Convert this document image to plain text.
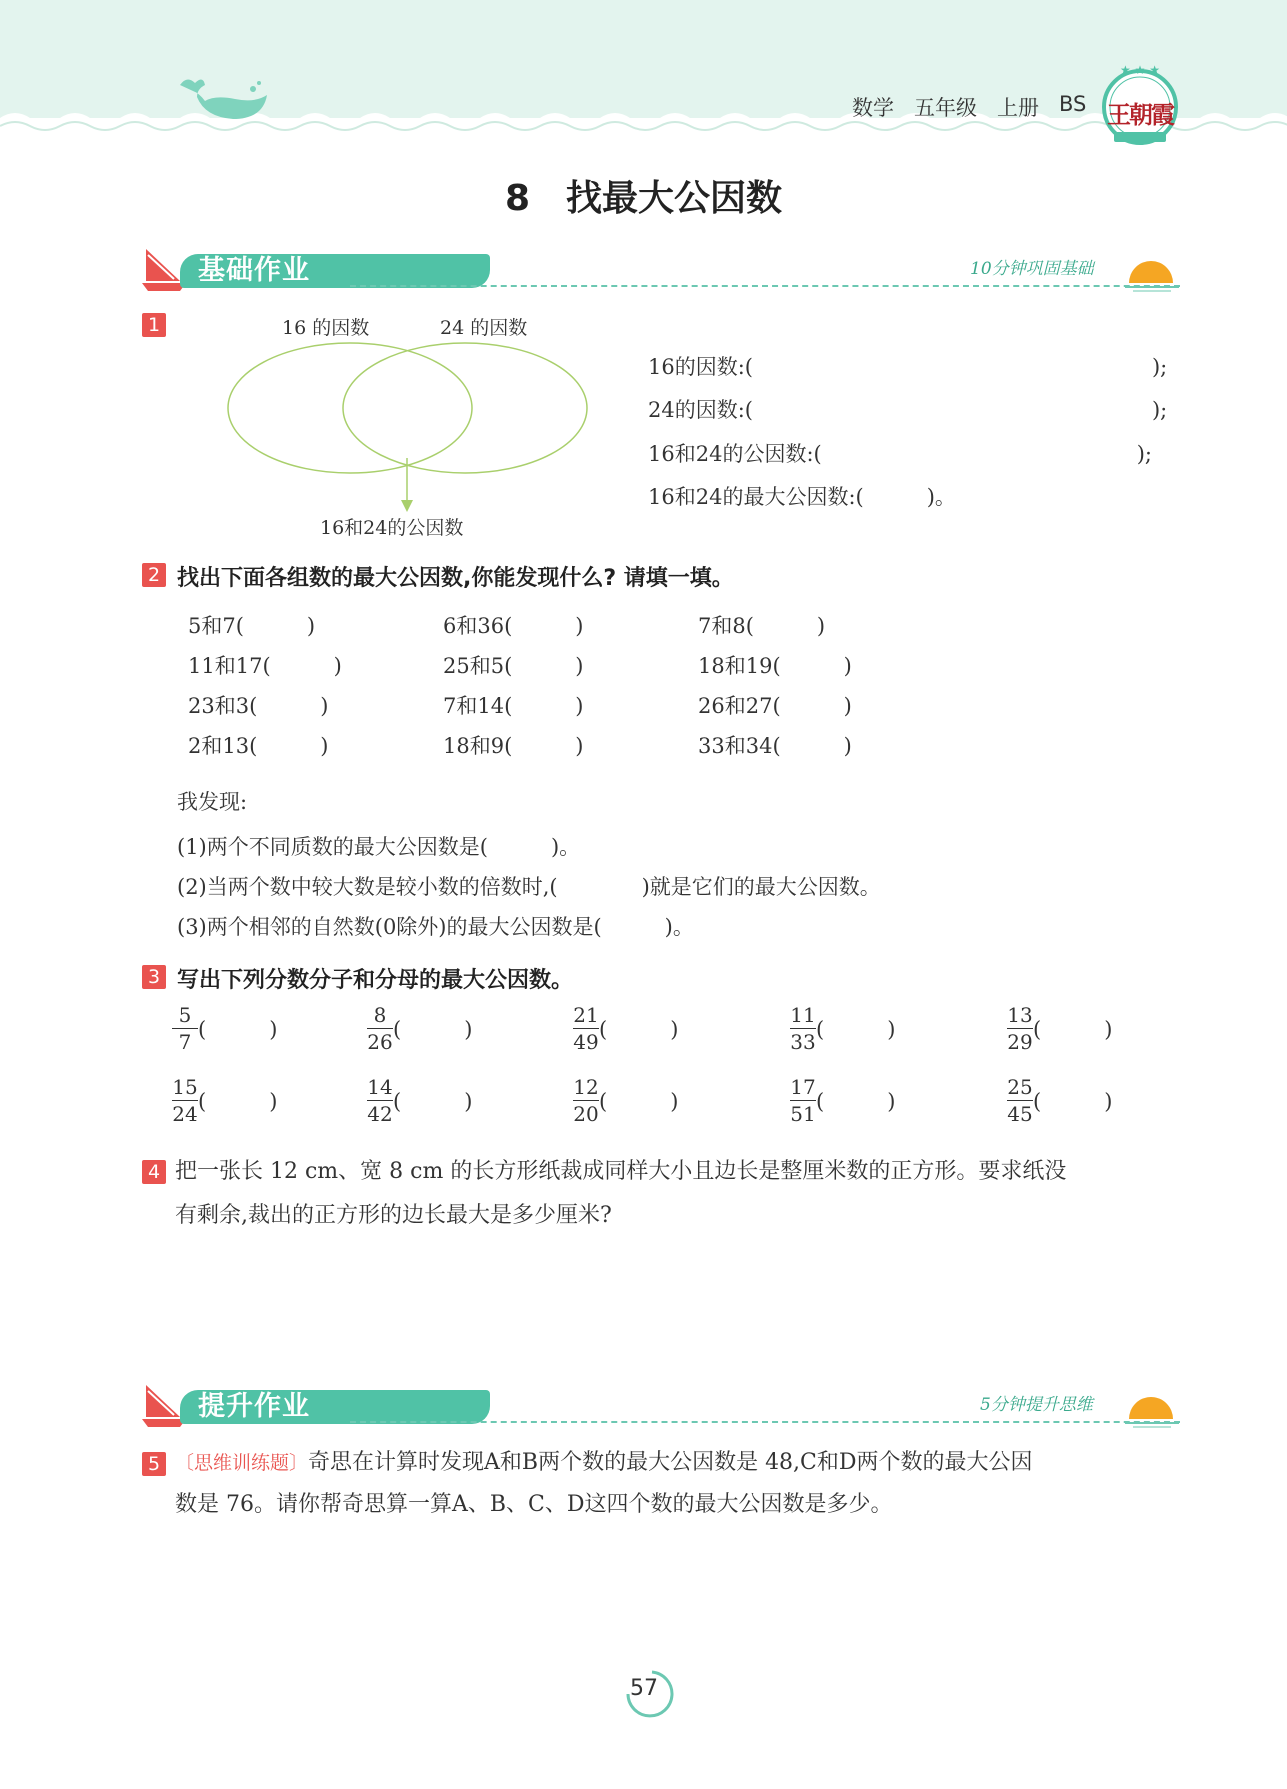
数学 五年级 上册 BS
★ ★ ★
王朝霞
8　找最大公因数
基础作业	10分钟巩固基础
1	16 的因数	24 的因数
16和24的公因数
16的因数:(　　　　　　　　　　　　　　　　　　　);
24的因数:(　　　　　　　　　　　　　　　　　　　);
16和24的公因数:(　　　　　　　　　　　　　　　);
16和24的最大公因数:(　　　)。
2 找出下面各组数的最大公因数,你能发现什么? 请填一填。
5和7(　　　)	6和36(　　　)	7和8(　　　)
11和17(　　　)	25和5(　　　)	18和19(　　　)
23和3(　　　)	7和14(　　　)	26和27(　　　)
2和13(　　　)	18和9(　　　)	33和34(　　　)
我发现:
(1)两个不同质数的最大公因数是(　　　)。
(2)当两个数中较大数是较小数的倍数时,(　　　　)就是它们的最大公因数。
(3)两个相邻的自然数(0除外)的最大公因数是(　　　)。
3 写出下列分数分子和分母的最大公因数。
$\frac{5}{7}$ (　　　)	$\frac{8}{26}$ (　　　)	$\frac{21}{49}$ (　　　)	$\frac{11}{33}$ (　　　)	$\frac{13}{29}$ (　　　)
$\frac{15}{24}$ (　　　)	$\frac{14}{42}$ (　　　)	$\frac{12}{20}$ (　　　)	$\frac{17}{51}$ (　　　)	$\frac{25}{45}$ (　　　)
4 把一张长 12 cm、宽 8 cm 的长方形纸裁成同样大小且边长是整厘米数的正方形。要求纸没
有剩余,裁出的正方形的边长最大是多少厘米?
提升作业	5分钟提升思维
5 〔思维训练题〕奇思在计算时发现A和B两个数的最大公因数是 48,C和D两个数的最大公因
数是 76。请你帮奇思算一算A、B、C、D这四个数的最大公因数是多少。
57
